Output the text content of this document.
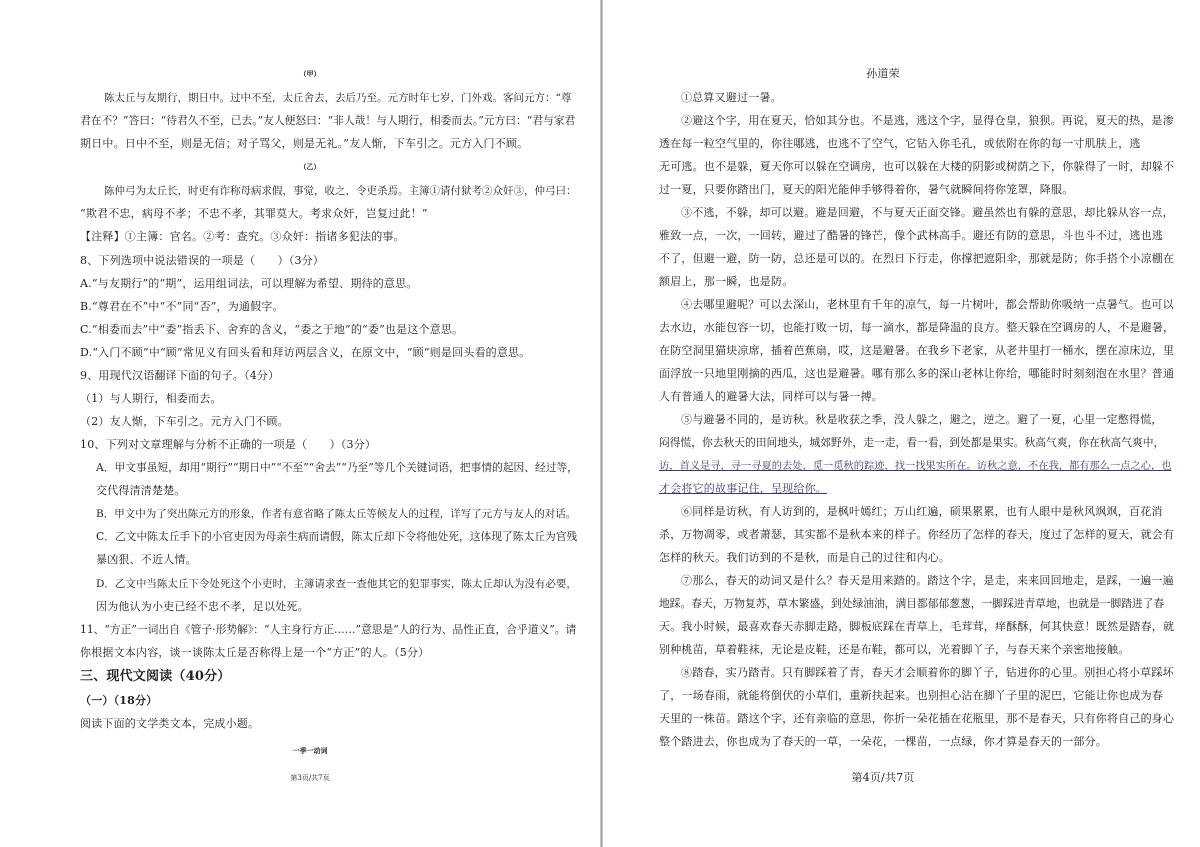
（甲）
陈太丘与友期行，期日中。过中不至，太丘舍去，去后乃至。元方时年七岁，门外戏。客问元方：“尊
君在不？”答曰：“待君久不至，已去。”友人便怒曰：“非人哉！与人期行，相委而去。”元方曰：“君与家君
期日中。日中不至，则是无信；对子骂父，则是无礼。”友人惭，下车引之。元方入门不顾。
（乙）
陈仲弓为太丘长，时吏有诈称母病求假，事觉，收之，令吏杀焉。主簿①请付狱考②众奸③，仲弓曰：
“欺君不忠，病母不孝；不忠不孝，其罪莫大。考求众奸，岂复过此！”
【注释】①主簿：官名。②考：查究。③众奸：指诸多犯法的事。
8、下列选项中说法错误的一项是（　　）（3分）
A.“与友期行”的“期”，运用组词法，可以理解为希望、期待的意思。
B.“尊君在不”中“不”同“否”，为通假字。
C.“相委而去”中“委”指丢下、舍弃的含义，“委之于地”的“委”也是这个意思。
D.“入门不顾”中“顾”常见义有回头看和拜访两层含义，在原文中，“顾”则是回头看的意思。
9、用现代汉语翻译下面的句子。（4分）
（1）与人期行，相委而去。
（2）友人惭，下车引之。元方入门不顾。
10、下列对文章理解与分析不正确的一项是（　　）（3分）
A．甲文事虽短，却用“期行”“期日中”“不至”“舍去”“乃至”等几个关键词语，把事情的起因、经过等，
交代得清清楚楚。
B．甲文中为了突出陈元方的形象，作者有意省略了陈太丘等候友人的过程，详写了元方与友人的对话。
C．乙文中陈太丘手下的小官吏因为母亲生病而请假，陈太丘却下令将他处死，这体现了陈太丘为官残
暴凶狠、不近人情。
D．乙文中当陈太丘下令处死这个小吏时，主簿请求查一查他其它的犯罪事实，陈太丘却认为没有必要，
因为他认为小吏已经不忠不孝，足以处死。
11、“方正”一词出自《管子·形势解》：“人主身行方正……”意思是“人的行为、品性正直，合乎道义”。请
你根据文本内容，谈一谈陈太丘是否称得上是一个“方正”的人。（5分）
三、现代文阅读（40分）
（一）（18分）
阅读下面的文学类文本，完成小题。
一季一动词
第3页/共7页
孙道荣
①总算又避过一暑。
②避这个字，用在夏天，恰如其分也。不是逃，逃这个字，显得仓皇，狼狈。再说，夏天的热，是渗
透在每一粒空气里的，你往哪逃，也逃不了空气，它钻入你毛孔，或依附在你的每一寸肌肤上，逃
无可逃。也不是躲，夏天你可以躲在空调房，也可以躲在大楼的阴影或树荫之下，你躲得了一时，却躲不
过一夏，只要你踏出门，夏天的阳光能伸手够得着你，暑气就瞬间将你笼罩，降服。
③不逃，不躲，却可以避。避是回避，不与夏天正面交锋。避虽然也有躲的意思，却比躲从容一点，
雅致一点，一次，一回转，避过了酷暑的锋芒，像个武林高手。避还有防的意思，斗也斗不过，逃也逃
不了，但避一避，防一防，总还是可以的。在烈日下行走，你撑把遮阳伞，那就是防；你手搭个小凉棚在
额眉上，那一瞬，也是防。
④去哪里避呢？可以去深山，老林里有千年的凉气，每一片树叶，都会帮助你吸纳一点暑气。也可以
去水边，水能包容一切，也能打败一切，每一滴水，都是降温的良方。整天躲在空调房的人，不是避暑，
在防空洞里猫块凉席，插着芭蕉扇，哎，这是避暑。在我乡下老家，从老井里打一桶水，摆在凉床边，里
面浮放一只地里刚摘的西瓜，这也是避暑。哪有那么多的深山老林让你给，哪能时时刻刻泡在水里？普通
人有普通人的避暑大法，同样可以与暑一搏。
⑤与避暑不同的，是访秋。秋是收获之季，没人躲之，避之，逆之。避了一夏，心里一定憋得慌，
闷得慌，你去秋天的田间地头，城郊野外，走一走，看一看，到处都是果实。秋高气爽，你在秋高气爽中，
访，首义是寻，寻一寻夏的去处，觅一觅秋的踪迹，找一找果实所在。访秋之意，不在我，都有那么一点之心，也
才会将它的故事记住，呈现给你。
⑥同样是访秋，有人访到的，是枫叶嫣红；万山红遍，硕果累累，也有人眼中是秋风飒飒，百花消
杀，万物凋零，或者萧瑟，其实都不是秋本来的样子。你经历了怎样的春天，度过了怎样的夏天，就会有
怎样的秋天。我们访到的不是秋，而是自己的过往和内心。
⑦那么，春天的动词又是什么？春天是用来踏的。踏这个字，是走，来来回回地走，是踩，一遍一遍
地踩。春天，万物复苏，草木繁盛，到处绿油油，满目都郁郁葱葱，一脚踩进青草地，也就是一脚踏进了春
天。我小时候，最喜欢春天赤脚走路，脚板底踩在青草上，毛茸茸，痒酥酥，何其快意！既然是踏春，就
别种桃苗，草着鞋袜，无论是皮鞋，还是布鞋，都可以，光着脚丫子，与春天来个亲密地接触。
⑧踏春，实乃踏青。只有脚踩着了青，春天才会顺着你的脚丫子，钻进你的心里。别担心将小草踩坏
了，一场春雨，就能将倒伏的小草们，重新扶起来。也别担心沾在脚丫子里的泥巴，它能让你也成为春
天里的一株苗。踏这个字，还有亲临的意思，你折一朵花插在花瓶里，那不是春天，只有你将自己的身心
整个踏进去，你也成为了春天的一草，一朵花，一棵苗，一点绿，你才算是春天的一部分。
第4页/共7页
